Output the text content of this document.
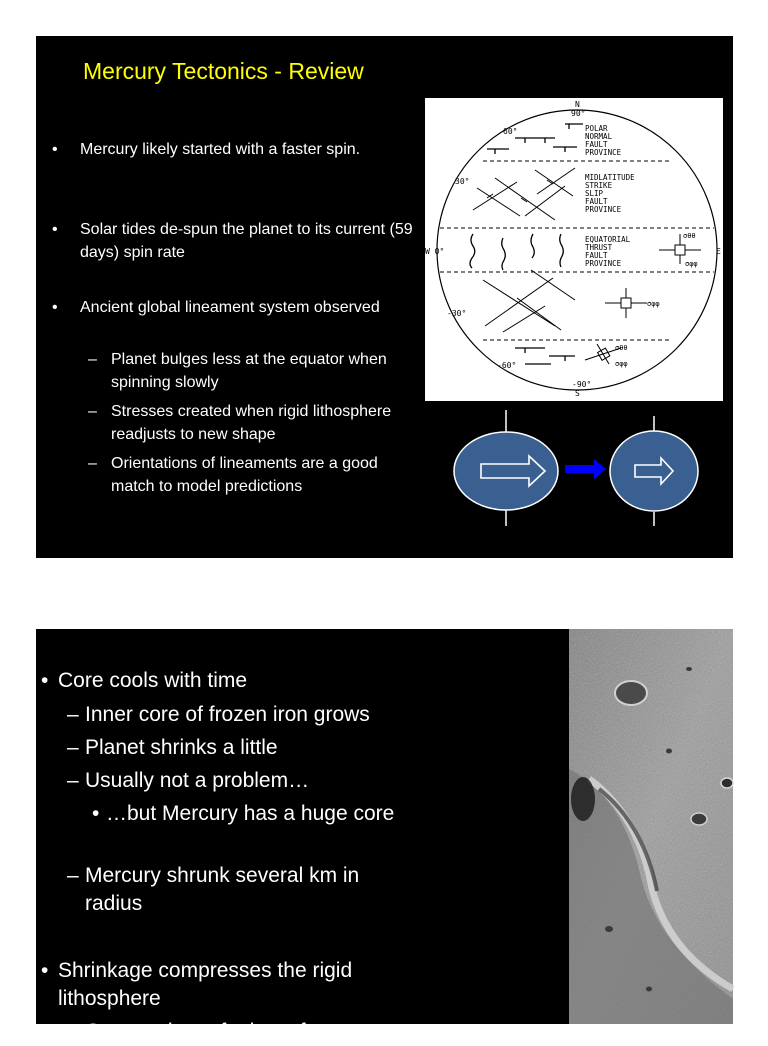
Mercury Tectonics - Review
• Mercury likely started with a faster spin.
• Solar tides de-spun the planet to its current (59 days) spin rate
• Ancient global lineament system observed
– Planet bulges less at the equator when spinning slowly
– Stresses created when rigid lithosphere readjusts to new shape
– Orientations of lineaments are a good match to model predictions
N
90°
-90°
S
W 0°	E
60°
30°
-30°
-60°
POLAR
NORMAL
FAULT
PROVINCE
MIDLATITUDE
STRIKE
SLIP
FAULT
PROVINCE
EQUATORIAL
THRUST
FAULT
PROVINCE
σθθ
σφφ
σφφ
σθθ
σφφ

• Core cools with time

– Inner core of frozen iron grows

– Planet shrinks a little

– Usually not a problem…

• …but Mercury has a huge core

– Mercury shrunk several km in radius

• Shrinkage compresses the rigid lithosphere

– Causes thrust faults to form
